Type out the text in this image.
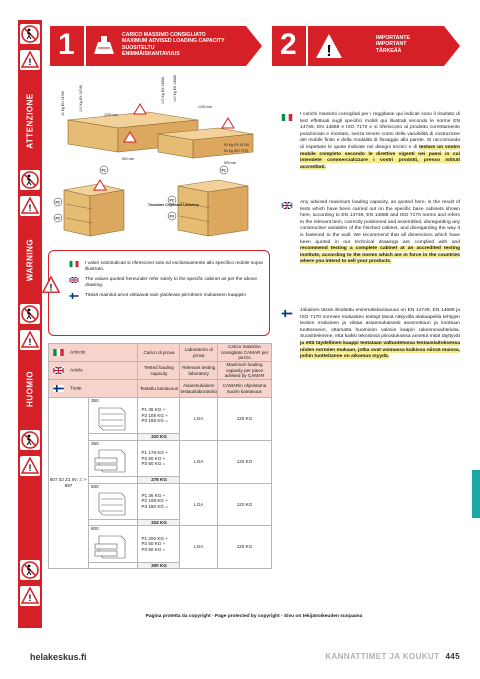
!
ATTENZIONE
!
WARNING
!
HUOMIO
!
!
1	CARICO MASSIMO CONSIGLIATO
MAXIMUM ADVISED LOADING CAPACITY
SUOSITELTU
ENIMMÄISKANTAVUUS	2 !
IMPORTANTE
IMPORTANT
TÄRKEÄÄ
30 Kg EN 14749	100 Kg EN 14749	100 Kg EN 14688 100 Kg EN 14688
1200 mm
1200 mm
500 mm
500 mm
50 Kg EN 14749
50 Kg ISO 7170
P1
P2
P3
P1
P2
P3
Truciolare Chipboard Lastulevy
I valori sottoindicati si riferiscono solo ed esclusivamente allo specifico mobile sopra illustrato.
The values quoted hereunder refer solely to the specific cabinet as per the above drawing.
Tässä mainitut arvot viittaavat vain yläolevan piirroksen mukaiseen kaappiin
!
I carichi massimi consigliati per i reggibase qui indicati sono il risultato di test effettuati sugli specifici mobili qui illustrati secondo le norme EN 14749, EN 14688 e ISO 7170 e si riferiscono al prodotto correttamente posizionato e montato, senza tenere conto della variabilità di costruzione del mobile finito e della modalità di fissaggio alla parete. Si raccomanda di rispettare le quote indicate nei disegni tecnici e di testare un vostro mobile completo secondo le direttive vigenti nei paesi in cui intendete commercializzare i vostri prodotti, presso istituti accreditati.
Any advised maximum loading capacity, as quoted here, is the result of tests which have been carried out on the specific base cabinets shown here, according to EN 14749, EN 14688 and ISO 7170 norms and refers to the relevant item, correctly positioned and assembled, disregarding any constructive variables of the finished cabinet, and disregarding the way it is fastened to the wall. We recommend that all dimensions which have been quoted in our technical drawings are complied with and recommend testing a complete cabinet at an accredited testing institute, according to the norms which are in force in the countries where you intend to sell your products.
Jokainen tässä ilmoitettu enimmäiskantavuus on EN 14749, EN 14688 ja ISO 7170 normien mukaisten testejä tässä näkyvillä alakaapeilla tehtyjen testien mukainen ja viittaa asianmukaisesti asennettuun ja koottuun tuotteeseen, ottamatta huomioon valmiin kaapin rakennevaihteluita. Suosittelemme, että kaikki teknisissä piirustuksissa annetut mitat täyttyvät ja että täydellinen kaappi testataan valtuutetussa testauslaitoksessa niiden normien mukaan, jotka ovat voimassa kaikissa niissä maissa, joihin tuotteitanne on aikomus myydä.
Articolo		Carico di prova	Laboratorio di prova	Carico massimo consigliato CAMAR per pezzo
Article		Tested loading capacity	Relevant testing laboratory	Maximum loading capacity per piece advised by CAMAR
Tuote		Testattu kantavuus	Asianmukainen testauslaboratorio	CAMARin ohjeistama suurin kantavuus
807 02 Z1 IN □□ + 897	350	P1 36 KG +
P2 108 KG +
P3 166 KG =	LGA	120 KG
		310 KG		
	350	P1 178 KG +
P2 50 KG +
P3 50 KG =	LGA	120 KG
		278 KG		
	600	P1 36 KG +
P2 108 KG +
P3 180 KG =	LGA	120 KG
		324 KG		
	600	P1 200 KG +
P2 50 KG +
P3 50 KG =	LGA	120 KG
		300 KG		
Pagina protetta da copyright - Page protected by copyright - Sivu on tekijänoikeuden suojaama
helakeskus.fi	KANNATTIMET JA KOUKUT 445
